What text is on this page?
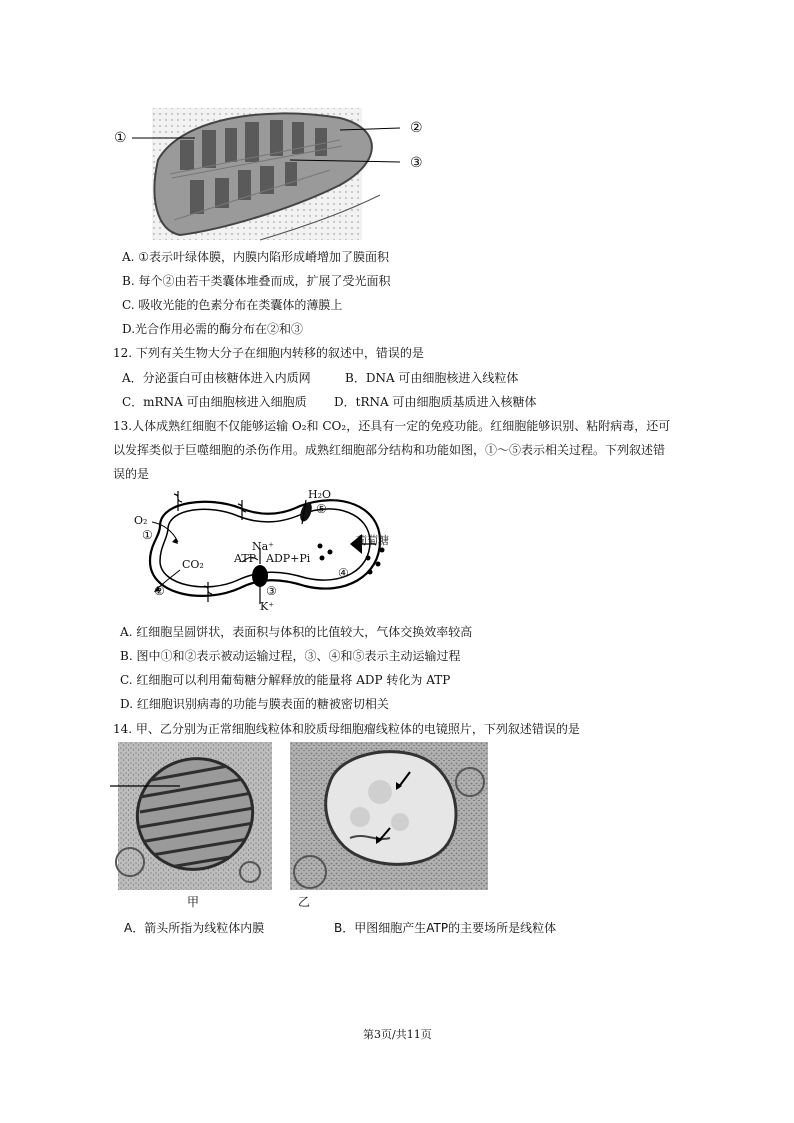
①
②
③
A. ①表示叶绿体膜，内膜内陷形成嵴增加了膜面积
B. 每个②由若干类囊体堆叠而成，扩展了受光面积
C. 吸收光能的色素分布在类囊体的薄膜上
D.光合作用必需的酶分布在②和③
12. 下列有关生物大分子在细胞内转移的叙述中，错误的是
A．分泌蛋白可由核糖体进入内质网	B．DNA 可由细胞核进入线粒体
C．mRNA 可由细胞核进入细胞质 D．tRNA 可由细胞质基质进入核糖体
13.人体成熟红细胞不仅能够运输 O₂和 CO₂，还具有一定的免疫功能。红细胞能够识别、粘附病毒，还可
以发挥类似于巨噬细胞的杀伤作用。成熟红细胞部分结构和功能如图，①～⑤表示相关过程。下列叙述错
误的是
O₂
①
CO₂
②
H₂O
⑤
Na⁺
ATP ADP+Pi
葡萄糖
④
③
K⁺
A. 红细胞呈圆饼状，表面积与体积的比值较大，气体交换效率较高
B. 图中①和②表示被动运输过程，③、④和⑤表示主动运输过程
C. 红细胞可以利用葡萄糖分解释放的能量将 ADP 转化为 ATP
D. 红细胞识别病毒的功能与膜表面的糖被密切相关
14. 甲、乙分别为正常细胞线粒体和胶质母细胞瘤线粒体的电镜照片，下列叙述错误的是
甲	乙
A．箭头所指为线粒体内膜	B．甲图细胞产生ATP的主要场所是线粒体
第3页/共11页
